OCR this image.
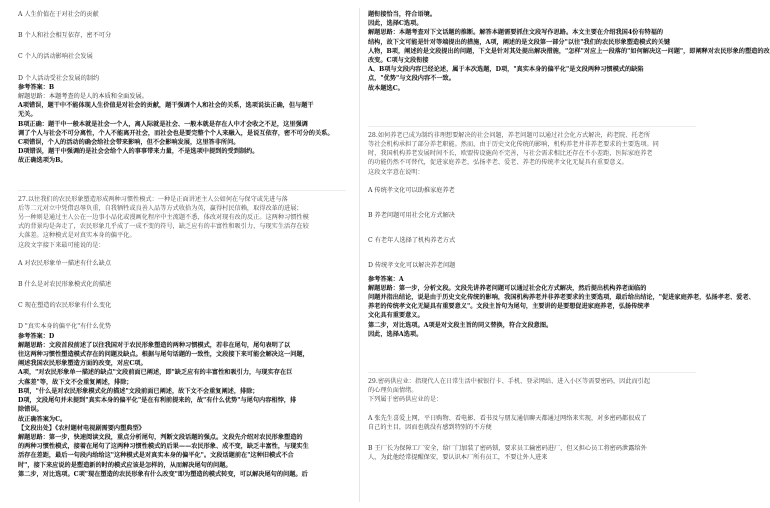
A 人生价值在于对社会的贡献
B 个人和社会相互依存，密不可分
C 个人的活动影响社会发展
D 个人活动受社会发展的制约
参考答案：B
解题思路：本题考查的是人的本质和全面发展。
A项错误，题干中不能体现人生价值是对社会的贡献，题干强调个人和社会的关系，选项说法正确，但与题干
无关。
B项正确：题干中一般本就是社会一个人，离人际就是社会、一般本就是存在人中才会收之不足，这里强调
调了个人与社会不可分离性，个人不能离开社会，而社会也是要完整个个人来融入，是说互依存，密不可分的关系。
C项错误，个人的活动的确会给社会带来影响，但不会影响发展，这里答非所问。
D项错误，题干中强调的是社会会给个人的事事带来力量，不是选项中提到的受到制约。
故正确选项为B。
27.以往我们的农民形象塑造形成两种习惯性模式：一种是正面讲述主人公如何在与保守或先进与落
后等二元对立中凭借忍辱负重，自我牺牲或良善人品等方式收拾为英，赢得村民信赖，取得改革的进展；
另一种则是通过主人公在一边事小品化或漫画化程序中主流题不悉，体改对现有改的反正。这两种习惯性模
式的背景均是奔走了，农民形象几乎成了一成不变的符号，缺乏应有的丰富性和吸引力，与现实生活存在较
大落差。这种模式是对真实本身的偏平化。
这段文字接下来最可能说的是：
A 对农民形象单一描述有什么缺点
B 什么是对农民形象模式化的描述
C 现在塑造的农民形象有什么变化
D "真实本身的偏平化"有什么优势
参考答案：D
解题思路：文段首段前述了以往我国对于农民形象塑造的两种习惯模式，若非在尾句，尾句表明了以
往这两种习惯性塑造模式存在的问题及缺点。根据与尾句话题的一致性，文段接下来可能会解决这一问题，
阐述我国农民形象塑造方面的改变，对应C项。
A项，"对农民形象单一描述的缺点"文段前面已阐述，即"缺乏应有的丰富性和吸引力，与现实存在巨
大落差"等，故下文不会重复阐述，排除；
B项，"什么是对农民形象模式化的描述"文段前面已阐述，故下文不会重复阐述，排除；
D项，文段尾句并未提到"真实本身的偏平化"是在有利前提来的，故"有什么优势"与尾句内容相悖，排
除错误。
故正确答案为C。
【文段出处】《农村题材电视剧需要内塑典型》
解题思路：第一步，快速阅读文段，重点分析尾句，判断文段话题的强点。文段先介绍对农民形象塑造的
的两种习惯性模式，接着在尾句了这两种习惯性模式的后果——农民形象、成不变，缺乏丰富性，与现实生
活存在差距，最后一句段内给给这"这种模式是对真实本身的偏平化"。文段话题前在"这种旧模式不合
时"，接下来应说的是塑造新的时的模式应该是怎样的，从而解决尾句的问题。
第二步，对比选项。C项"现在塑造的农民形象有什么改变"即为塑造的模式转变，可以解决尾句的问题。后
题衔接恰当，符合语境。
因此，选择C选项。
解题思路：本题考查对下文话题的推断。解答本题需要抓住文段写作思路。本文主要在介绍我国4份有特福的
结构，故下文可能是针对等端提出的措施，A项，阐述的是文段第一部分"以往"我们的农民形象塑造模式的关键
人物，B项，阐述的是文段提出的问题，下文是针对其处提出解决措施，"怎样"对应上一段落的"如何解决这一问题"，即阐释对农民形象的塑造的改
改变。C项与文段衔接
A、B项与文段内容已经论述，属于本次选题，D项，"真实本身的偏平化"是文段两种习惯模式的缺陷
点，"优势"与文段内容不一致。
故本题选C。
28.如何养老已成为制约非理想要解决的社会问题，养老问题可以通过社会化方式解决，药老院、托老所
等社会机构承担了部分养老职能。然而，由于历史文化传统的影响，机构养老并非养老要求的主要选项。同
时，我国机构养老发展时间不长，欧盟传设施尚不完善，与社会需求相比还存在不小差距，医际家庭养老
的功能仍然不可替代，促进家庭养老，弘扬孝老、爱老、养老的传统孝文化无疑具有重要意义。
这段文字意在说明：
A 传统孝文化可以助推家庭养老
B 养老问题可用社会化方式解决
C 有老年人选择了机构养老方式
D 传统孝文化可以解决养老问题
参考答案：A
解题思路：第一步，分析文段。文段先讲养老问题可以通过社会化方式解决，然后提出机构养老面临的
问题并指出结论，说是由于历史文化传统的影响，我国机构养老并非养老要求的主要选项，最后给出结论，"促进家庭养老，弘扬孝老、爱老、
养老的传统孝文化无疑具有重要意义"。文段主旨句为尾句，主要讲的是要想促进家庭养老，弘扬传统孝
文化具有重要意义。
第二步，对比选项。A项是对文段主旨的同义替换，符合文段意图。
因此，选择A选项。
29.密码供应业：指现代人在日常生活中被银行卡、手机、登录网站、进入小区等需要密码，因此而引起
的心理负面情绪。
下列属于密码供应业的是：
A 张先生喜爱上网，平日购物、看电影、看书及与朋友通信聊天都通过网络来实现，对多密码都很成了
自己的主目，因而也就没有感到特别的不方便
B 王厂长为保障工厂安全，给厂门加装了密码锁，要求员工输密码进厂，但又担心员工将密码泄露给外
人，为此他经常提醒保安，要认识本厂所有员工，不要让外人进来
